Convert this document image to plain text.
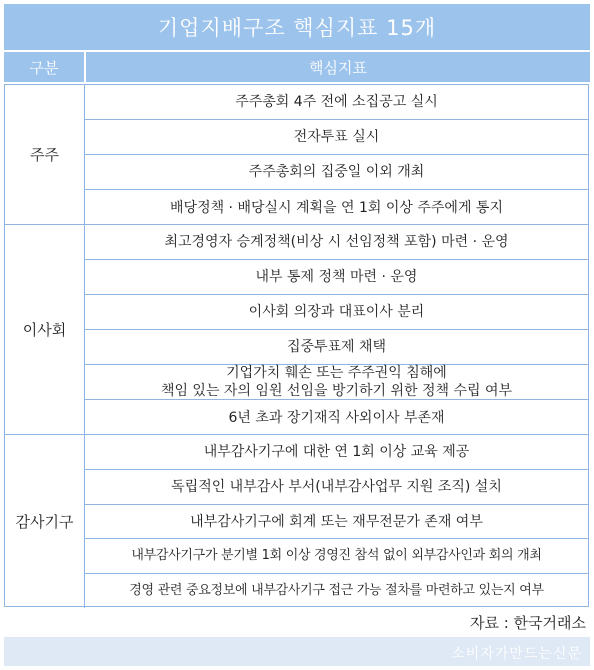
기업지배구조 핵심지표 15개
구분	핵심지표
주주
주주총회 4주 전에 소집공고 실시
전자투표 실시
주주총회의 집중일 이외 개최
배당정책 · 배당실시 계획을 연 1회 이상 주주에게 통지
이사회
최고경영자 승계정책(비상 시 선임정책 포함) 마련 · 운영
내부 통제 정책 마련 · 운영
이사회 의장과 대표이사 분리
집중투표제 채택
기업가치 훼손 또는 주주권익 침해에
책임 있는 자의 임원 선임을 방기하기 위한 정책 수립 여부
6년 초과 장기재직 사외이사 부존재
감사기구
내부감사기구에 대한 연 1회 이상 교육 제공
독립적인 내부감사 부서(내부감사업무 지원 조직) 설치
내부감사기구에 회계 또는 재무전문가 존재 여부
내부감사기구가 분기별 1회 이상 경영진 참석 없이 외부감사인과 회의 개최
경영 관련 중요정보에 내부감사기구 접근 가능 절차를 마련하고 있는지 여부
자료 : 한국거래소
소비자가만드는신문
